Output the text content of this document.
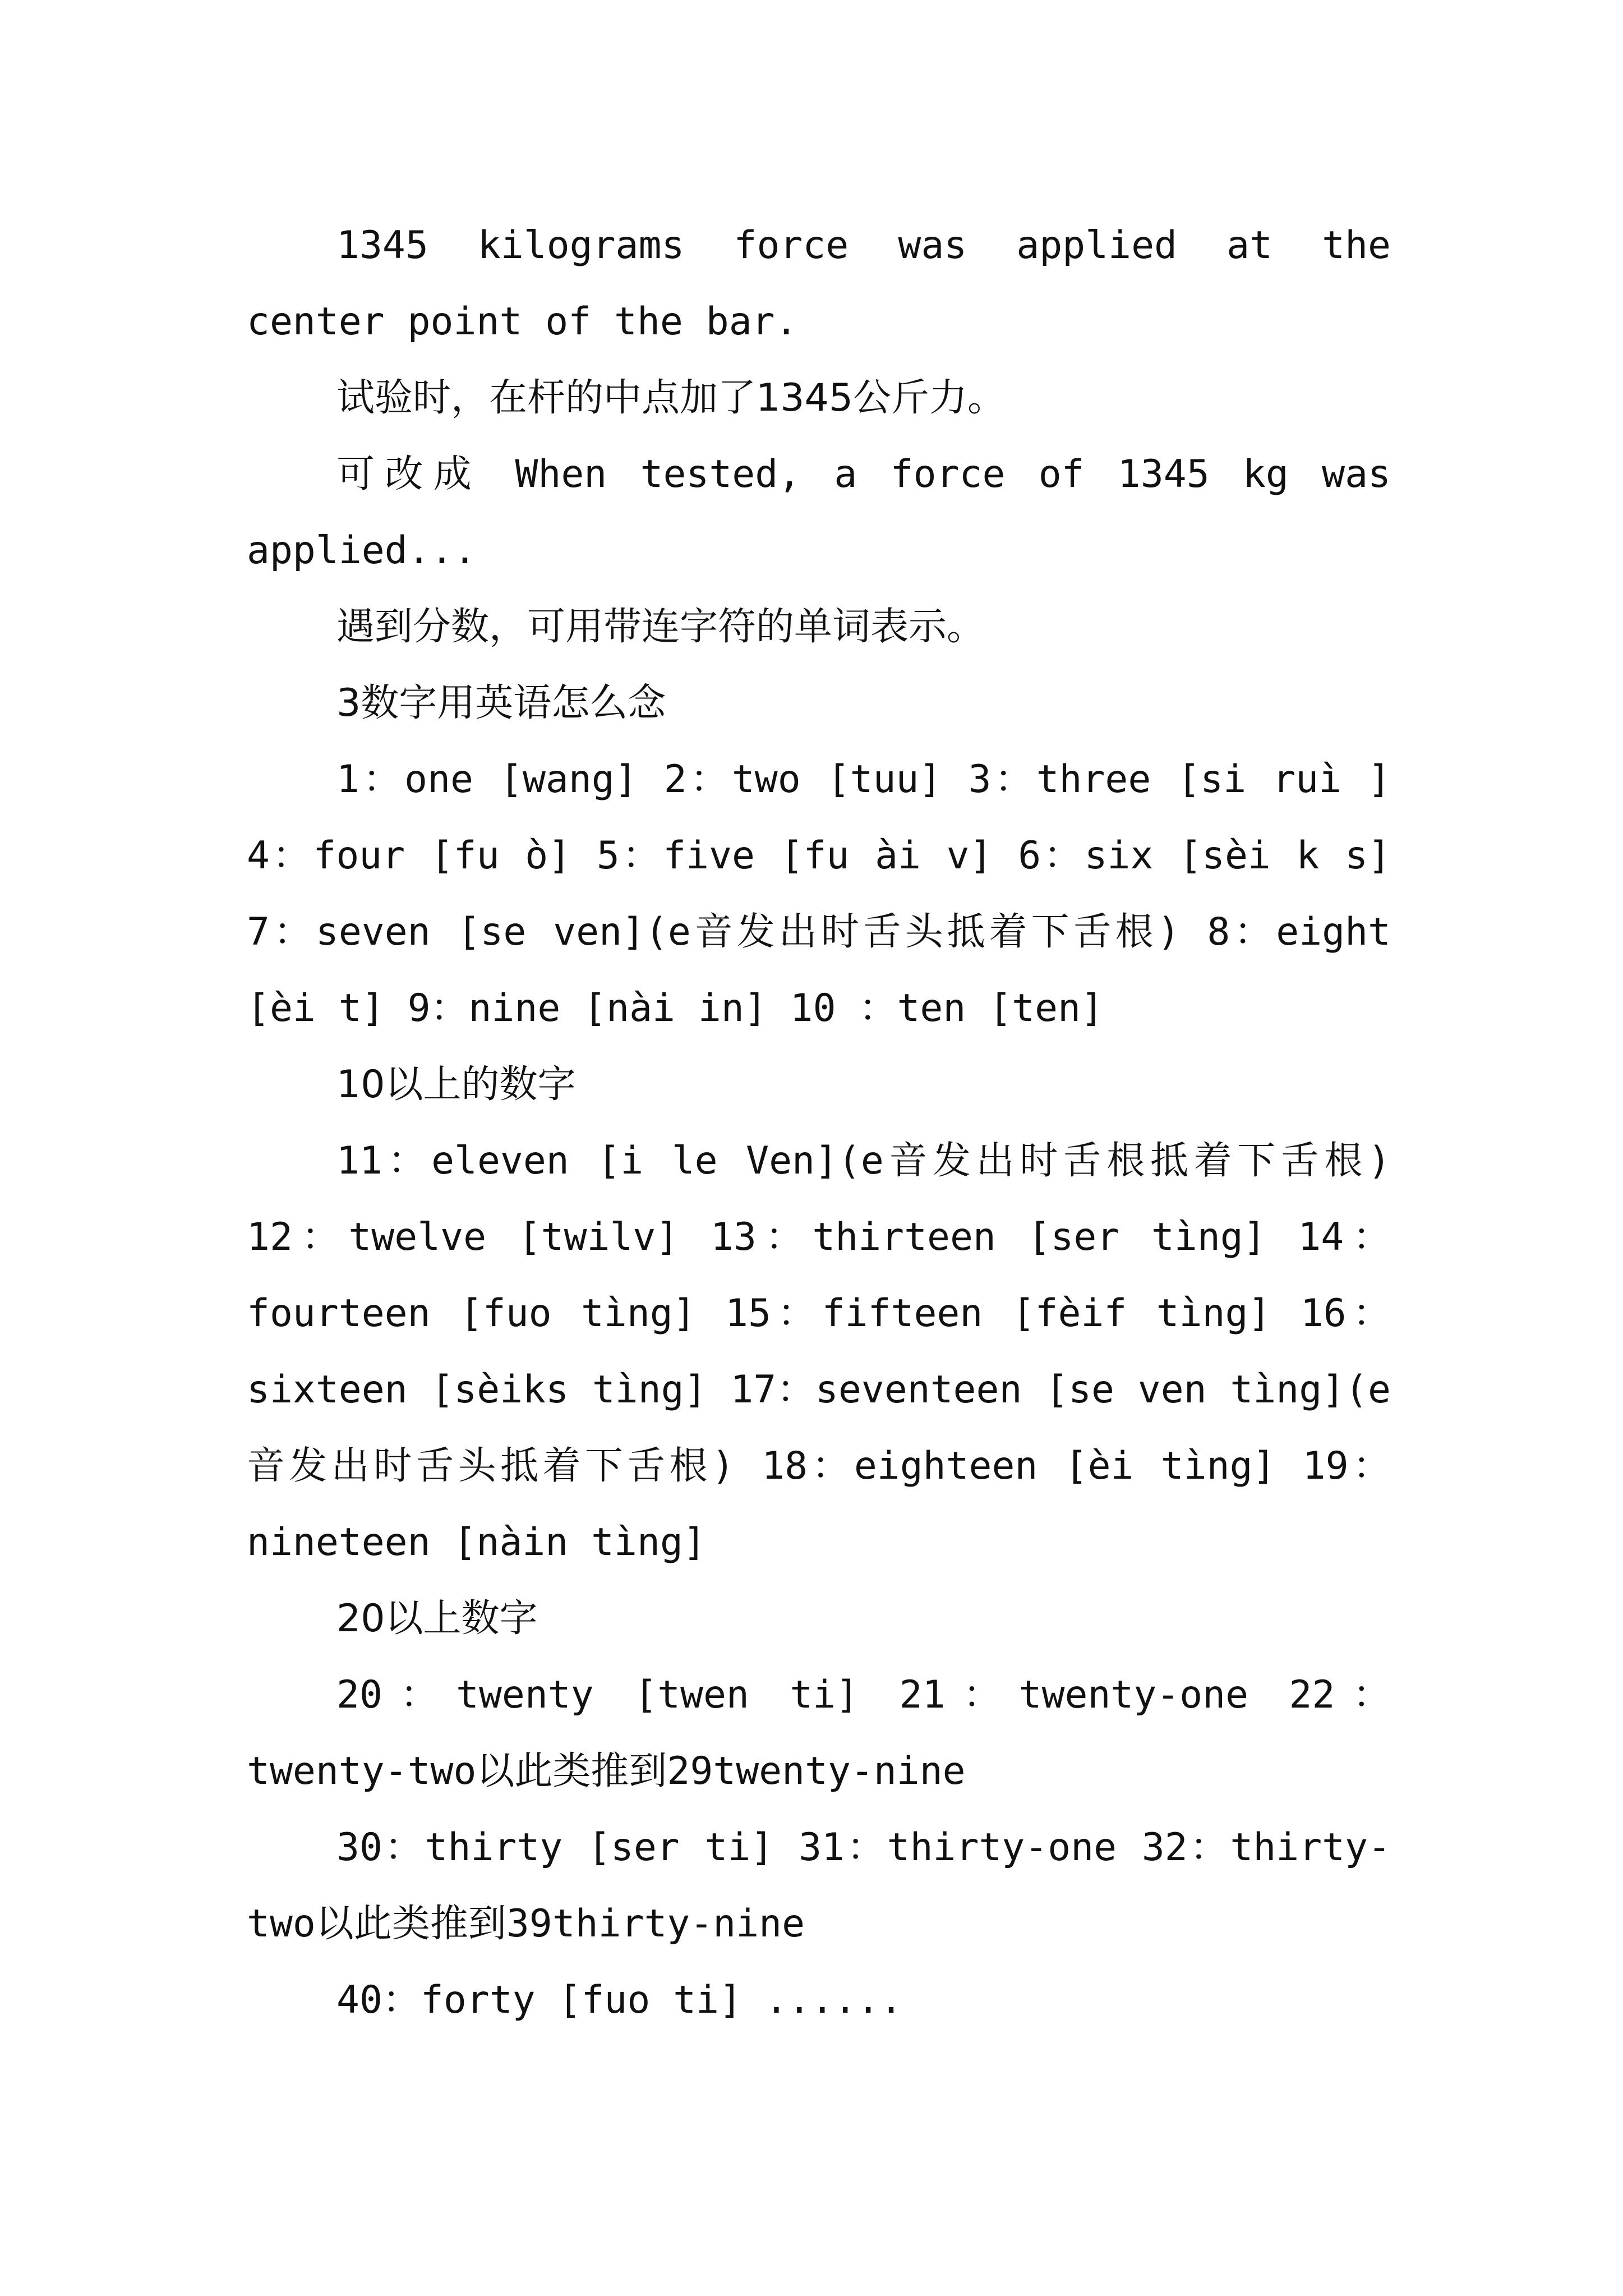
1345 kilograms force was applied at the center point of the bar.

试验时，在杆的中点加了1345公斤力。

可改成 When tested, a force of 1345 kg was applied...

遇到分数，可用带连字符的单词表示。

3数字用英语怎么念

1：one [wang] 2：two [tuu] 3：three [si ruì ] 4：four [fu ò] 5：five [fu ài v] 6：six [sèi k s] 7：seven [se ven](e音发出时舌头抵着下舌根) 8：eight [èi t] 9：nine [nài in] 10 ：ten [ten]

10以上的数字

11：eleven [i le Ven](e音发出时舌根抵着下舌根) 12：twelve [twilv] 13：thirteen [ser tìng] 14：fourteen [fuo tìng] 15：fifteen [fèif tìng] 16：sixteen [sèiks tìng] 17：seventeen [se ven tìng](e音发出时舌头抵着下舌根) 18：eighteen [èi tìng] 19：nineteen [nàin tìng]

20以上数字

20：twenty [twen ti] 21：twenty-one 22：twenty-two以此类推到29twenty-nine

30：thirty [ser ti] 31：thirty-one 32：thirty-two以此类推到39thirty-nine

40：forty [fuo ti] ......
